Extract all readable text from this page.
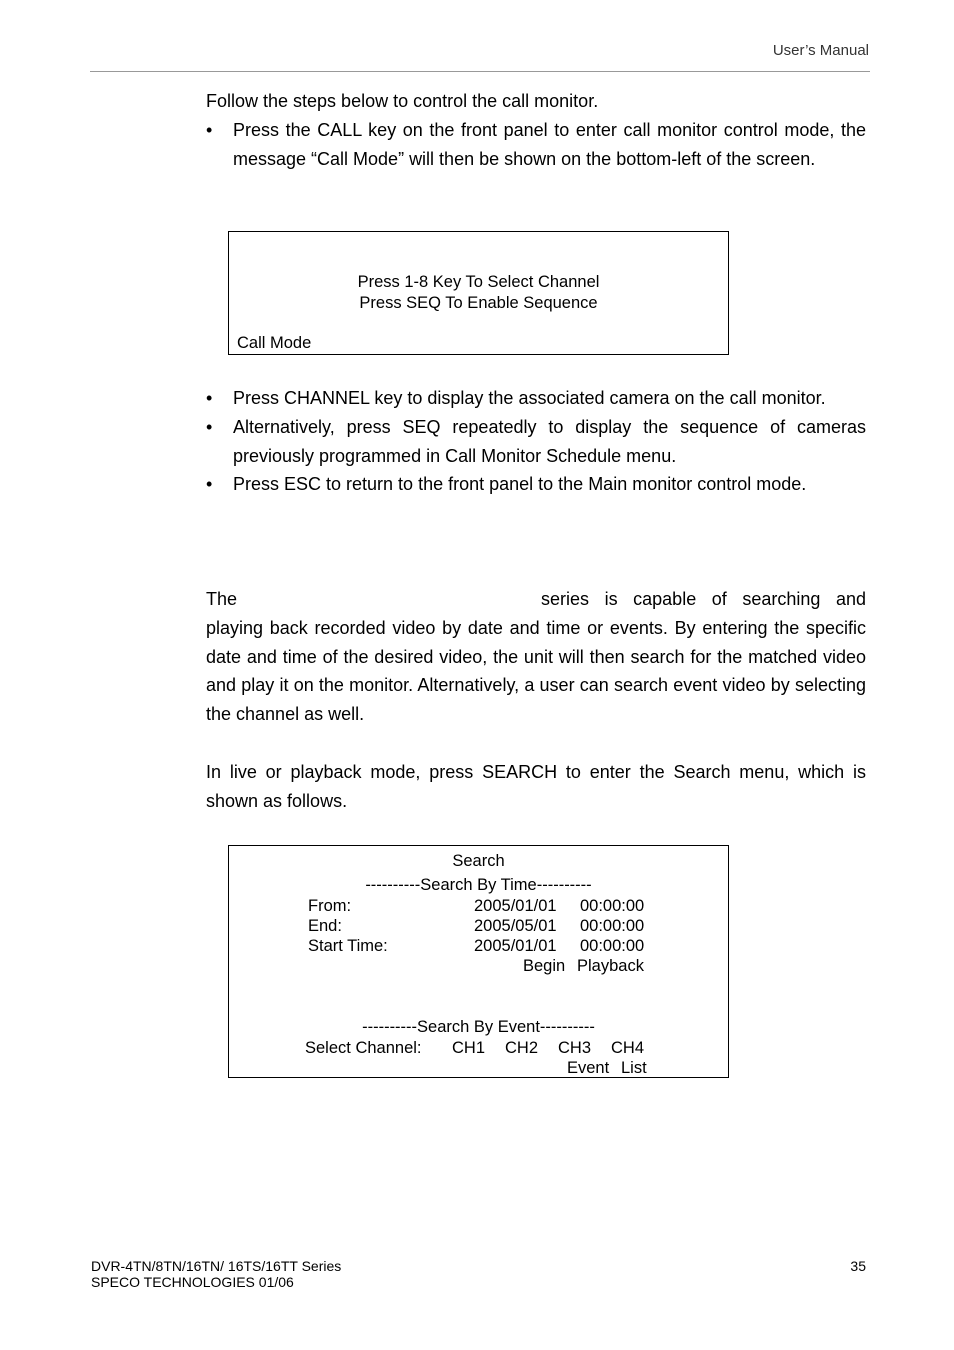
User’s Manual
Follow the steps below to control the call monitor.
•	Press the CALL key on the front panel to enter call monitor control mode, the message “Call Mode” will then be shown on the bottom-left of the screen.
Press 1-8 Key To Select Channel
Press SEQ To Enable Sequence
Call Mode
•	Press CHANNEL key to display the associated camera on the call monitor.
•	Alternatively, press SEQ repeatedly to display the sequence of cameras previously programmed in Call Monitor Schedule menu.
•	Press ESC to return to the front panel to the Main monitor control mode.
The	series is capable of searching and playing back recorded video by date and time or events. By entering the specific date and time of the desired video, the unit will then search for the matched video and play it on the monitor. Alternatively, a user can search event video by selecting the channel as well.
In live or playback mode, press SEARCH to enter the Search menu, which is shown as follows.
Search
----------Search By Time----------
From:	2005/01/01 00:00:00
End:	2005/05/01 00:00:00
Start Time:	2005/01/01 00:00:00
Begin Playback
----------Search By Event----------
Select Channel: CH1 CH2 CH3 CH4
Event List
DVR-4TN/8TN/16TN/ 16TS/16TT Series
SPECO TECHNOLOGIES 01/06
35
